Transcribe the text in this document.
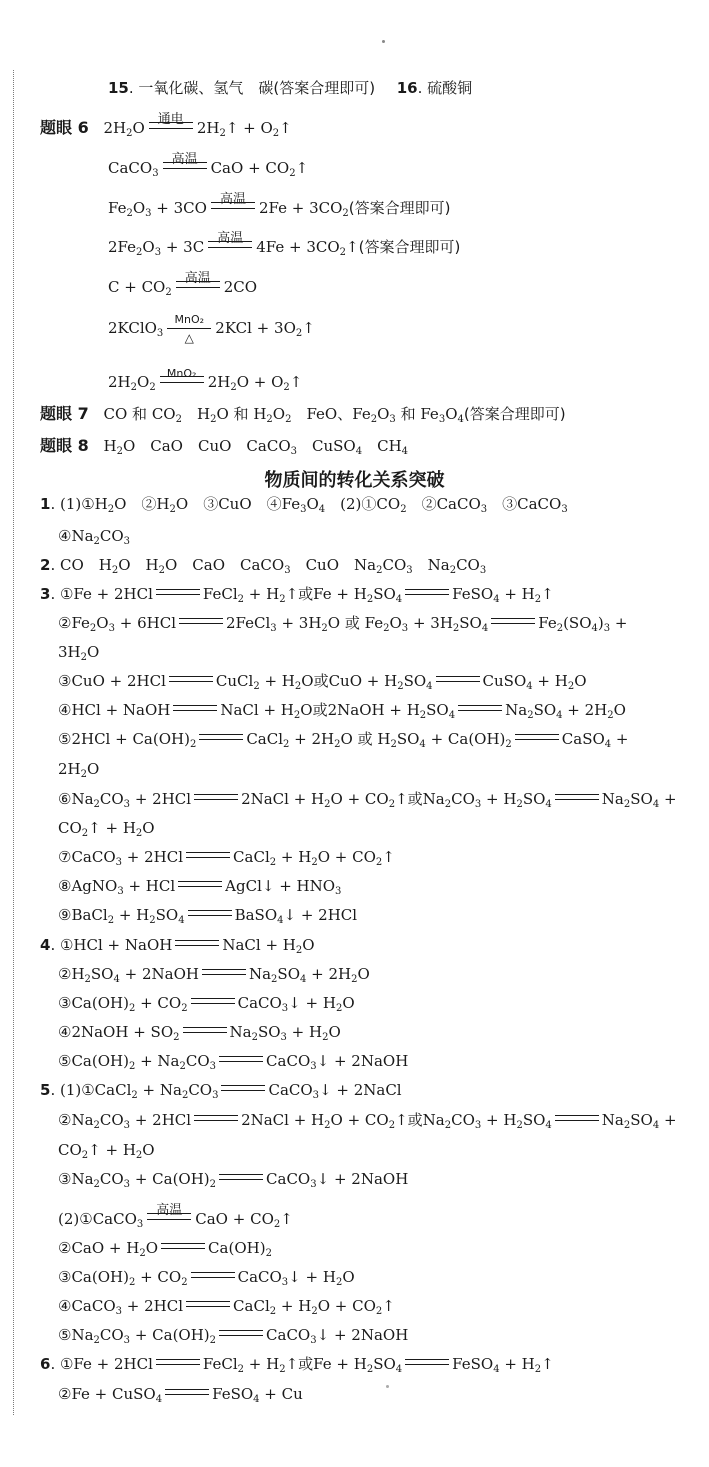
15. 一氧化碳、氢气　碳(答案合理即可) 16. 硫酸铜
题眼 6 $2H_2O$ 通电 $2H_2↑$ + $O_2↑$
CaCO$_3$
高温 CaO + $CO_2↑$
$Fe_2O_3 + 3CO$ 高温 $2Fe + 3CO_2$(答案合理即可)
$2Fe_2O_3 + 3C$ 高温 $4Fe + 3CO_2↑$(答案合理即可)
$C + CO_2$
高温 2CO
2KClO$_3$
MnO₂
△
$2KCl + 3O_2↑$
$2H_2O_2$
MnO₂ $2H_2O$ + $O_2↑$
题眼 7 CO 和 $CO_2$　$H_2O$ 和 $H_2O_2$　FeO、$Fe_2O_3$ 和 $Fe_3O_4$(答案合理即可)
题眼 8 $H_2O$　CaO　CuO　CaCO$_3$　CuSO$_4$　$CH_4$
物质间的转化关系突破
1. $(1)①H_2O$　$②H_2O$　③CuO　$④Fe_3O_4$　$(2)①CO_2$　②CaCO$_3$　③CaCO$_3$
$④Na_2CO_3$
2. CO　$H_2O$　$H_2O$　CaO　CaCO$_3$　CuO　$Na_2CO_3$　$Na_2CO_3$
3. ①Fe + 2HCl	FeCl$_2$ + $H_2↑$或$Fe + H_2SO_4$	FeSO$_4$ + $H_2↑$
$②Fe_2O_3 + 6HCl$	2FeCl$_3$ + $3H_2O$ 或 $Fe_2O_3 + 3H_2SO_4$	$Fe_2(SO_4)_3$ +
$3H_2O$
③CuO + 2HCl	CuCl$_2$ + $H_2O$或CuO + $H_2SO_4$	CuSO$_4$ + $H_2O$
④HCl + NaOH	NaCl + $H_2O$或2NaOH + $H_2SO_4$	$Na_2SO_4 + 2H_2O$
⑤2HCl + $Ca(OH)_2$	CaCl$_2$ + $2H_2O$ 或 $H_2SO_4 + Ca(OH)_2$	CaSO$_4$ +
$2H_2O$
$⑥Na_2CO_3 + 2HCl$	2NaCl + $H_2O$ + $CO_2↑$或$Na_2CO_3 + H_2SO_4$	$Na_2SO_4$ +
$CO_2↑ + H_2O$
⑦CaCO$_3$ + 2HCl	CaCl$_2$ + $H_2O$ + $CO_2↑$
⑧AgNO$_3$ + HCl	AgCl↓ + $HNO_3$
⑨BaCl$_2$ + $H_2SO_4$	BaSO$_4$↓ + 2HCl
4. ①HCl + NaOH	NaCl + $H_2O$
$②H_2SO_4$ + 2NaOH	$Na_2SO_4 + 2H_2O$
$③Ca(OH)_2 + CO_2$	CaCO$_3$↓ + $H_2O$
④2NaOH + $SO_2$	$Na_2SO_3 + H_2O$
$⑤Ca(OH)_2 + Na_2CO_3$	CaCO$_3$↓ + 2NaOH
5. (1)①CaCl$_2$ + $Na_2CO_3$	CaCO$_3$↓ + 2NaCl
$②Na_2CO_3 + 2HCl$	2NaCl + $H_2O$ + $CO_2↑$或$Na_2CO_3 + H_2SO_4$	$Na_2SO_4$ +
$CO_2↑ + H_2O$
$③Na_2CO_3 + Ca(OH)_2$	CaCO$_3$↓ + 2NaOH
(2)①CaCO$_3$
高温 CaO + $CO_2↑$
②CaO + $H_2O$	$Ca(OH)_2$
$③Ca(OH)_2 + CO_2$	CaCO$_3$↓ + $H_2O$
④CaCO$_3$ + 2HCl	CaCl$_2$ + $H_2O$ + $CO_2↑$
$⑤Na_2CO_3 + Ca(OH)_2$	CaCO$_3$↓ + 2NaOH
6. ①Fe + 2HCl	FeCl$_2$ + $H_2↑$或$Fe + H_2SO_4$	FeSO$_4$ + $H_2↑$
②Fe + CuSO$_4$	FeSO$_4$ + Cu
